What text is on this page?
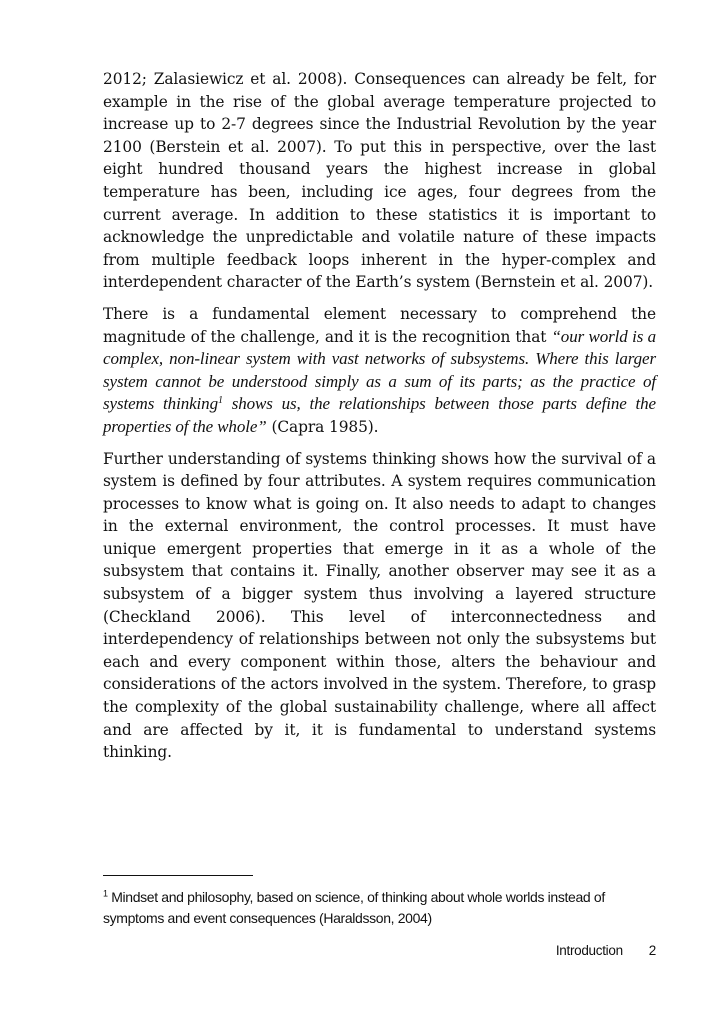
2012; Zalasiewicz et al. 2008). Consequences can already be felt, for example in the rise of the global average temperature projected to increase up to 2-7 degrees since the Industrial Revolution by the year 2100 (Berstein et al. 2007). To put this in perspective, over the last eight hundred thousand years the highest increase in global temperature has been, including ice ages, four degrees from the current average. In addition to these statistics it is important to acknowledge the unpredictable and volatile nature of these impacts from multiple feedback loops inherent in the hyper-complex and interdependent character of the Earth’s system (Bernstein et al. 2007).

There is a fundamental element necessary to comprehend the magnitude of the challenge, and it is the recognition that “our world is a complex, non-linear system with vast networks of subsystems. Where this larger system cannot be understood simply as a sum of its parts; as the practice of systems thinking$^1$ shows us, the relationships between those parts define the properties of the whole” (Capra 1985).

Further understanding of systems thinking shows how the survival of a system is defined by four attributes. A system requires communication processes to know what is going on. It also needs to adapt to changes in the external environment, the control processes. It must have unique emergent properties that emerge in it as a whole of the subsystem that contains it. Finally, another observer may see it as a subsystem of a bigger system thus involving a layered structure (Checkland 2006). This level of interconnectedness and interdependency of relationships between not only the subsystems but each and every component within those, alters the behaviour and considerations of the actors involved in the system. Therefore, to grasp the complexity of the global sustainability challenge, where all affect and are affected by it, it is fundamental to understand systems thinking.

$^1$ Mindset and philosophy, based on science, of thinking about whole worlds instead of symptoms and event consequences (Haraldsson, 2004)

Introduction 2
